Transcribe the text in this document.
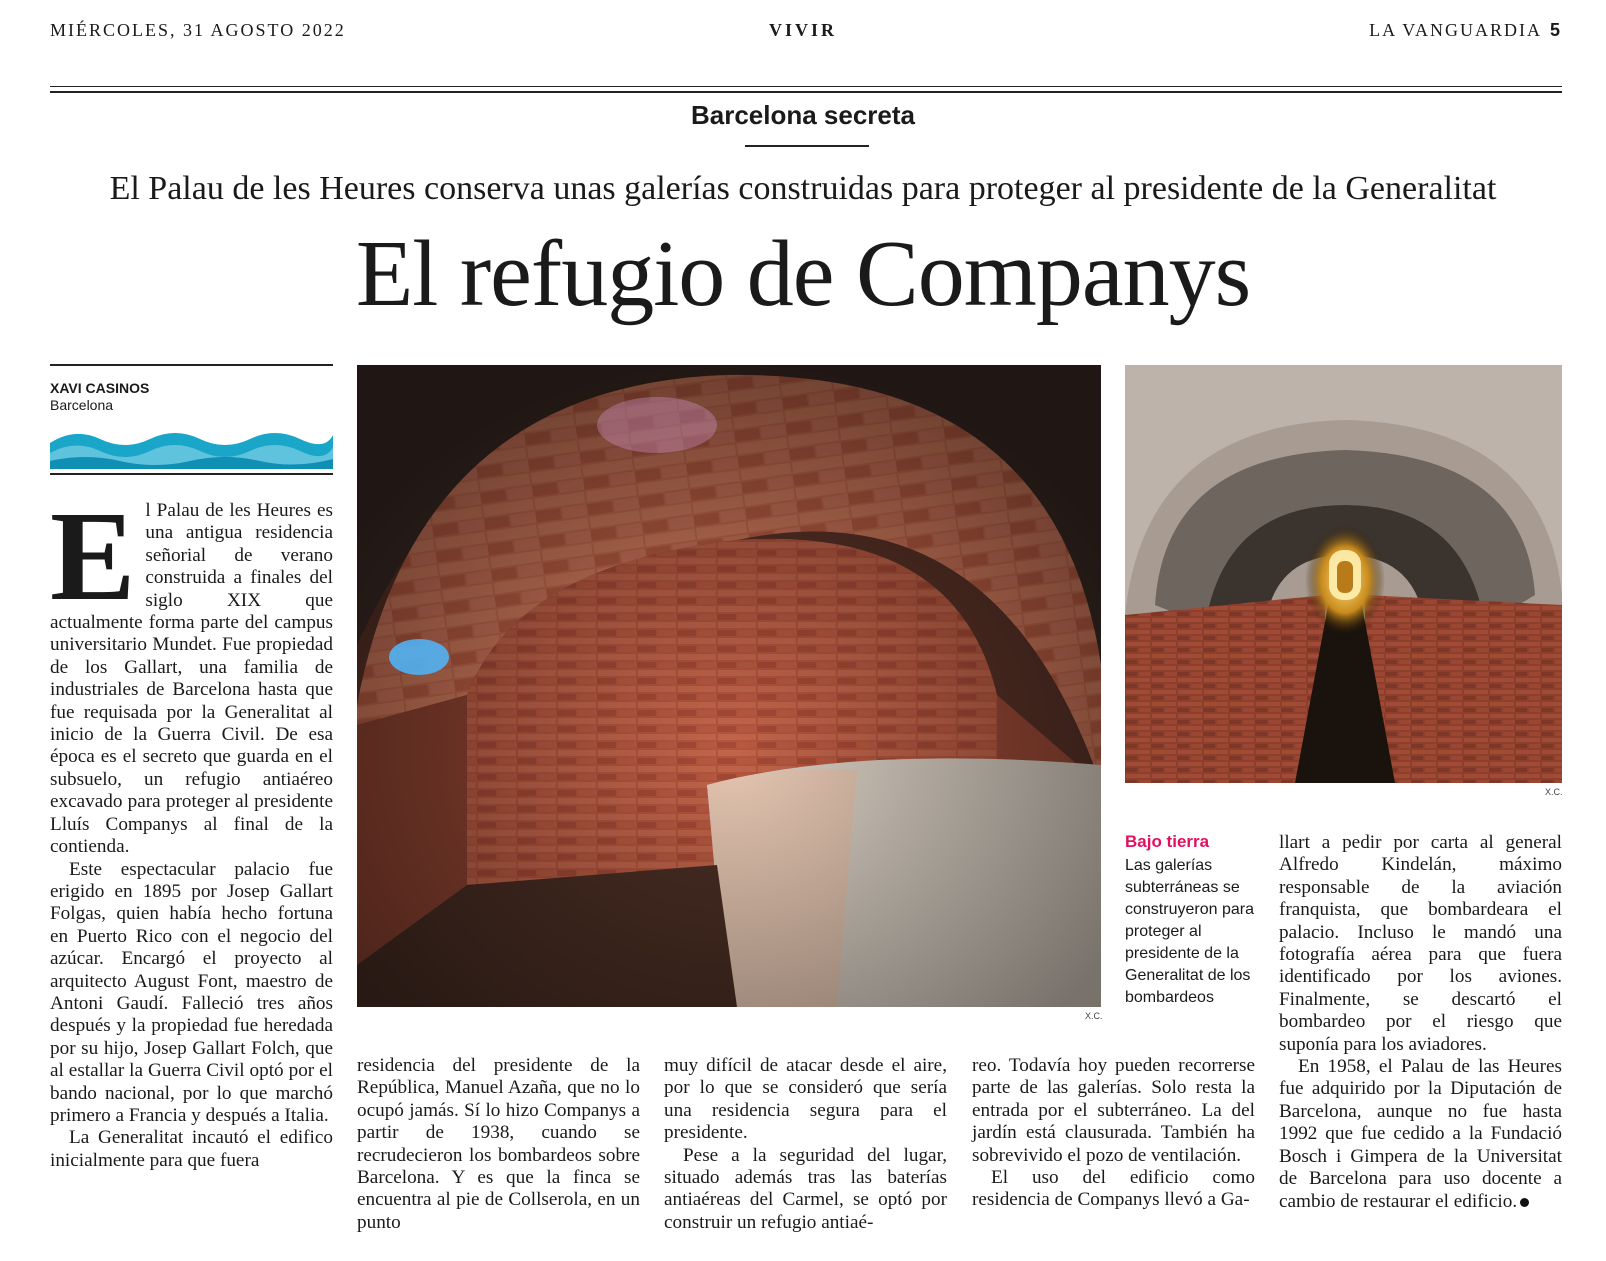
MIÉRCOLES, 31 AGOSTO 2022	VIVIR	LA VANGUARDIA 5
Barcelona secreta
El Palau de les Heures conserva unas galerías construidas para proteger al presidente de la Generalitat
El refugio de Companys
XAVI CASINOS
Barcelona
X.C.
X.C.
Bajo tierra
Las galerías subterráneas se construyeron para proteger al presidente de la Generalitat de los bombardeos

El Palau de les Heures es una antigua residencia señorial de verano construida a finales del siglo XIX que actualmente forma parte del campus universitario Mundet. Fue propiedad de los Gallart, una familia de industriales de Barcelona hasta que fue requisada por la Generalitat al inicio de la Guerra Civil. De esa época es el secreto que guarda en el subsuelo, un refugio antiaéreo excavado para proteger al presidente Lluís Companys al final de la contienda.

Este espectacular palacio fue erigido en 1895 por Josep Gallart Folgas, quien había hecho fortuna en Puerto Rico con el negocio del azúcar. Encargó el proyecto al arquitecto August Font, maestro de Antoni Gaudí. Falleció tres años después y la propiedad fue heredada por su hijo, Josep Gallart Folch, que al estallar la Guerra Civil optó por el bando nacional, por lo que marchó primero a Francia y después a Italia.

La Generalitat incautó el edifico inicialmente para que fuera

residencia del presidente de la República, Manuel Azaña, que no lo ocupó jamás. Sí lo hizo Companys a partir de 1938, cuando se recrudecieron los bombardeos sobre Barcelona. Y es que la finca se encuentra al pie de Collserola, en un punto

muy difícil de atacar desde el aire, por lo que se consideró que sería una residencia segura para el presidente.

Pese a la seguridad del lugar, situado además tras las baterías antiaéreas del Carmel, se optó por construir un refugio antiaé-

reo. Todavía hoy pueden recorrerse parte de las galerías. Solo resta la entrada por el subterráneo. La del jardín está clausurada. También ha sobrevivido el pozo de ventilación.

El uso del edificio como residencia de Companys llevó a Ga-

llart a pedir por carta al general Alfredo Kindelán, máximo responsable de la aviación franquista, que bombardeara el palacio. Incluso le mandó una fotografía aérea para que fuera identificado por los aviones. Finalmente, se descartó el bombardeo por el riesgo que suponía para los aviadores.

En 1958, el Palau de las Heures fue adquirido por la Diputación de Barcelona, aunque no fue hasta 1992 que fue cedido a la Fundació Bosch i Gimpera de la Universitat de Barcelona para uso docente a cambio de restaurar el edificio.
